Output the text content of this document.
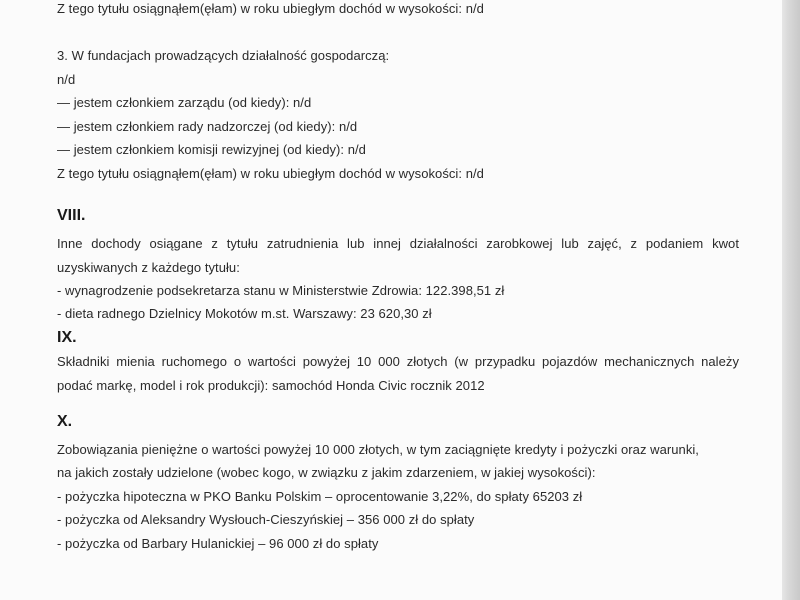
Z tego tytułu osiągnąłem(ęłam) w roku ubiegłym dochód w wysokości: n/d
3. W fundacjach prowadzących działalność gospodarczą:
n/d
— jestem członkiem zarządu (od kiedy): n/d
— jestem członkiem rady nadzorczej (od kiedy): n/d
— jestem członkiem komisji rewizyjnej (od kiedy): n/d
Z tego tytułu osiągnąłem(ęłam) w roku ubiegłym dochód w wysokości: n/d
VIII.
Inne dochody osiągane z tytułu zatrudnienia lub innej działalności zarobkowej lub zajęć, z podaniem kwot
uzyskiwanych z każdego tytułu:
- wynagrodzenie podsekretarza stanu w Ministerstwie Zdrowia: 122.398,51 zł
- dieta radnego Dzielnicy Mokotów m.st. Warszawy: 23 620,30 zł
IX.
Składniki mienia ruchomego o wartości powyżej 10 000 złotych (w przypadku pojazdów mechanicznych należy
podać markę, model i rok produkcji): samochód Honda Civic rocznik 2012
X.
Zobowiązania pieniężne o wartości powyżej 10 000 złotych, w tym zaciągnięte kredyty i pożyczki oraz warunki,
na jakich zostały udzielone (wobec kogo, w związku z jakim zdarzeniem, w jakiej wysokości):
- pożyczka hipoteczna w PKO Banku Polskim – oprocentowanie 3,22%, do spłaty 65203 zł
- pożyczka od Aleksandry Wysłouch-Cieszyńskiej – 356 000 zł do spłaty
- pożyczka od Barbary Hulanickiej – 96 000 zł do spłaty
